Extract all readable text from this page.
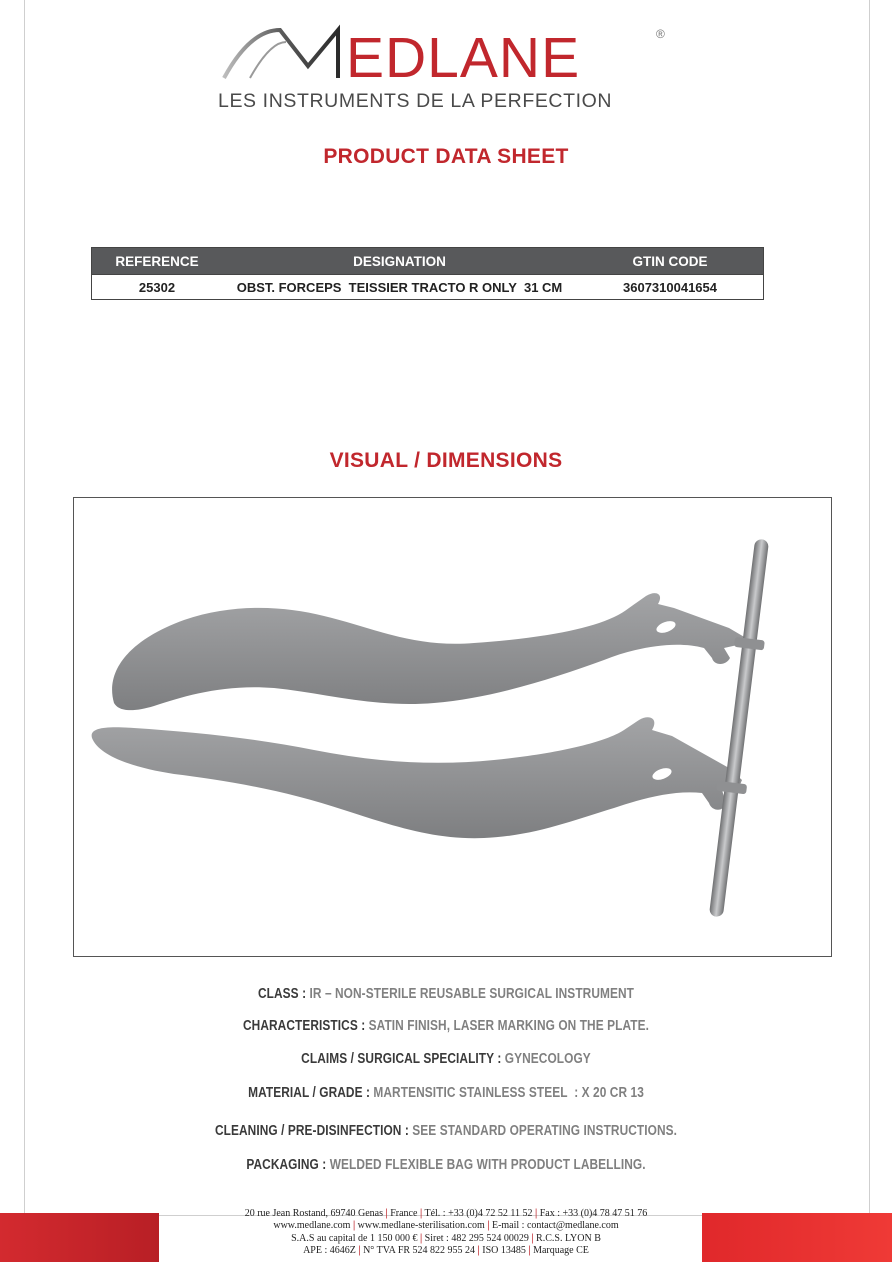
EDLANE	®
LES INSTRUMENTS DE LA PERFECTION
PRODUCT DATA SHEET
REFERENCE	DESIGNATION	GTIN CODE
25302	OBST. FORCEPS  TEISSIER TRACTO R ONLY  31 CM	3607310041654
VISUAL / DIMENSIONS
CLASS : IR – NON-STERILE REUSABLE SURGICAL INSTRUMENT
CHARACTERISTICS : SATIN FINISH, LASER MARKING ON THE PLATE.
CLAIMS / SURGICAL SPECIALITY : GYNECOLOGY
MATERIAL / GRADE : MARTENSITIC STAINLESS STEEL  : X 20 CR 13
CLEANING / PRE-DISINFECTION : SEE STANDARD OPERATING INSTRUCTIONS.
PACKAGING : WELDED FLEXIBLE BAG WITH PRODUCT LABELLING.
20 rue Jean Rostand, 69740 Genas | France | Tél. : +33 (0)4 72 52 11 52 | Fax : +33 (0)4 78 47 51 76
www.medlane.com | www.medlane-sterilisation.com | E-mail : contact@medlane.com
S.A.S au capital de 1 150 000 € | Siret : 482 295 524 00029 | R.C.S. LYON B
APE : 4646Z | N° TVA FR 524 822 955 24 | ISO 13485 | Marquage CE
